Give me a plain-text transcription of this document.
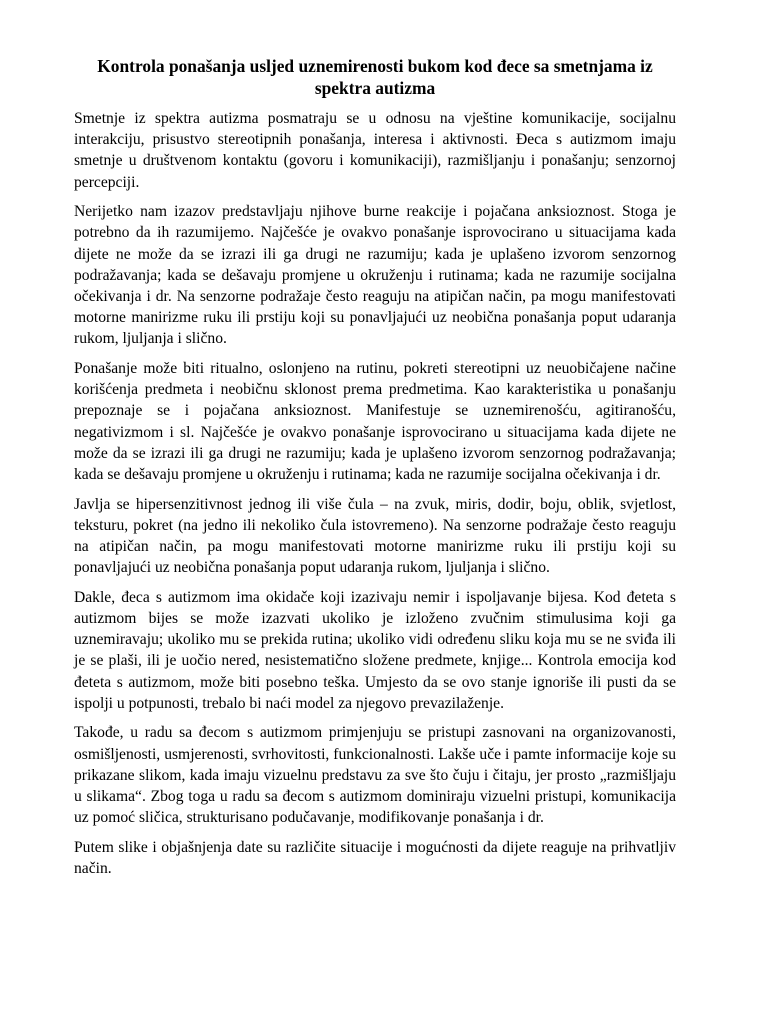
Kontrola ponašanja usljed uznemirenosti bukom kod đece sa smetnjama iz spektra autizma

Smetnje iz spektra autizma posmatraju se u odnosu na vještine komunikacije, socijalnu interakciju, prisustvo stereotipnih ponašanja, interesa i aktivnosti. Đeca s autizmom imaju smetnje u društvenom kontaktu (govoru i komunikaciji), razmišljanju i ponašanju; senzornoj percepciji.

Nerijetko nam izazov predstavljaju njihove burne reakcije i pojačana anksioznost. Stoga je potrebno da ih razumijemo. Najčešće je ovakvo ponašanje isprovocirano u situacijama kada dijete ne može da se izrazi ili ga drugi ne razumiju; kada je uplašeno izvorom senzornog podražavanja; kada se dešavaju promjene u okruženju i rutinama; kada ne razumije socijalna očekivanja i dr. Na senzorne podražaje često reaguju na atipičan način, pa mogu manifestovati motorne manirizme ruku ili prstiju koji su ponavljajući uz neobična ponašanja poput udaranja rukom, ljuljanja i slično.

Ponašanje može biti ritualno, oslonjeno na rutinu, pokreti stereotipni uz neuobičajene načine korišćenja predmeta i neobičnu sklonost prema predmetima. Kao karakteristika u ponašanju prepoznaje se i pojačana anksioznost. Manifestuje se uznemirenošću, agitiranošću, negativizmom i sl. Najčešće je ovakvo ponašanje isprovocirano u situacijama kada dijete ne može da se izrazi ili ga drugi ne razumiju; kada je uplašeno izvorom senzornog podražavanja; kada se dešavaju promjene u okruženju i rutinama; kada ne razumije socijalna očekivanja i dr.

Javlja se hipersenzitivnost jednog ili više čula – na zvuk, miris, dodir, boju, oblik, svjetlost, teksturu, pokret (na jedno ili nekoliko čula istovremeno). Na senzorne podražaje često reaguju na atipičan način, pa mogu manifestovati motorne manirizme ruku ili prstiju koji su ponavljajući uz neobična ponašanja poput udaranja rukom, ljuljanja i slično.

Dakle, đeca s autizmom ima okidače koji izazivaju nemir i ispoljavanje bijesa. Kod đeteta s autizmom bijes se može izazvati ukoliko je izloženo zvučnim stimulusima koji ga uznemiravaju; ukoliko mu se prekida rutina; ukoliko vidi određenu sliku koja mu se ne sviđa ili je se plaši, ili je uočio nered, nesistematično složene predmete, knjige... Kontrola emocija kod đeteta s autizmom, može biti posebno teška. Umjesto da se ovo stanje ignoriše ili pusti da se ispolji u potpunosti, trebalo bi naći model za njegovo prevazilaženje.

Takođe, u radu sa đecom s autizmom primjenjuju se pristupi zasnovani na organizovanosti, osmišljenosti, usmjerenosti, svrhovitosti, funkcionalnosti. Lakše uče i pamte informacije koje su prikazane slikom, kada imaju vizuelnu predstavu za sve što čuju i čitaju, jer prosto „razmišljaju u slikama“. Zbog toga u radu sa đecom s autizmom dominiraju vizuelni pristupi, komunikacija uz pomoć sličica, strukturisano podučavanje, modifikovanje ponašanja i dr.

Putem slike i objašnjenja date su različite situacije i mogućnosti da dijete reaguje na prihvatljiv način.
